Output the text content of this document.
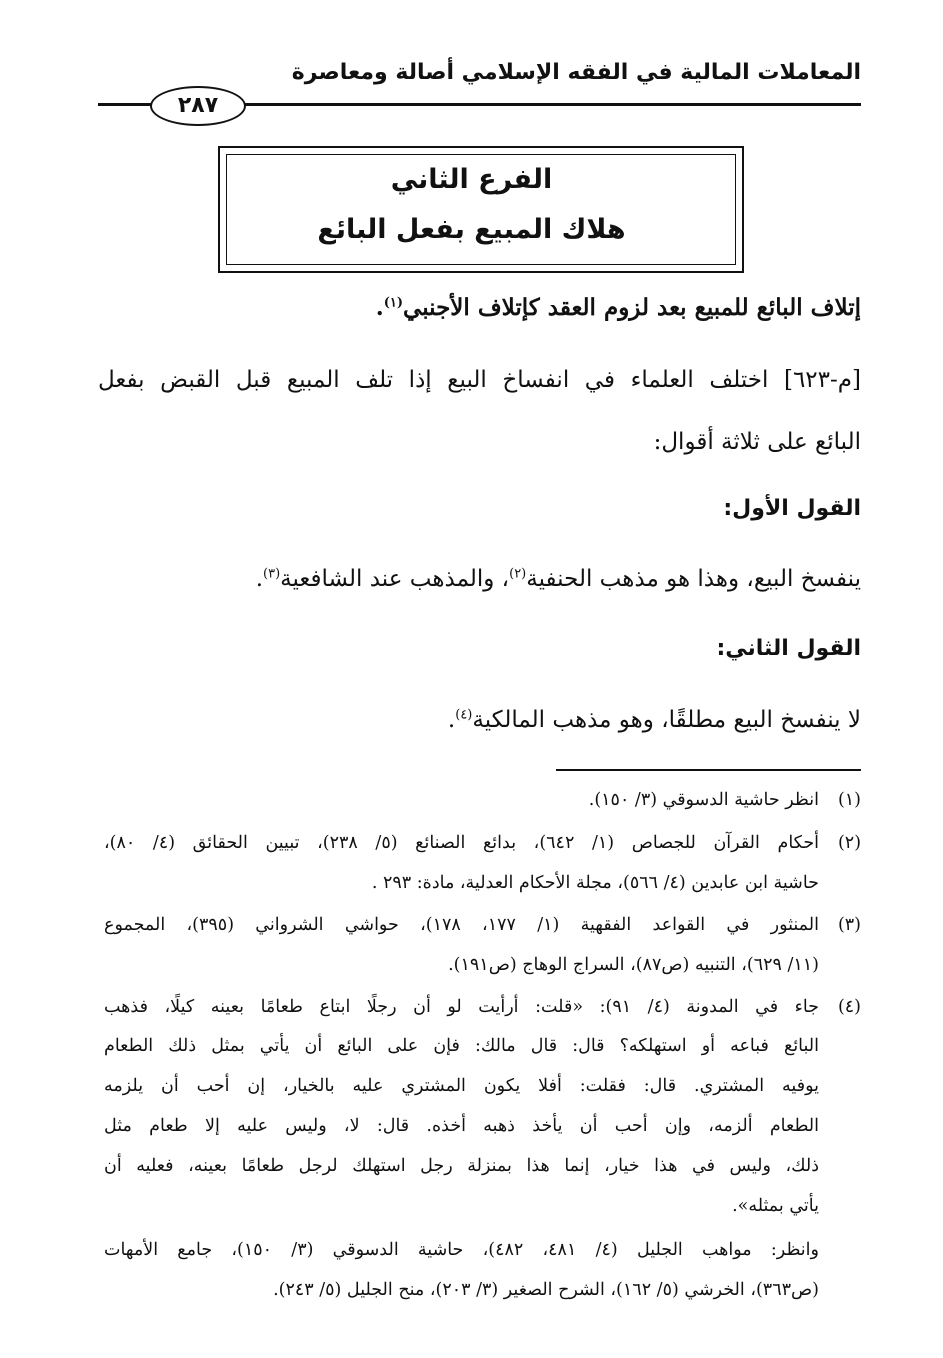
المعاملات المالية في الفقه الإسلامي أصالة ومعاصرة
٢٨٧
الفرع الثاني
هلاك المبيع بفعل البائع
إتلاف البائع للمبيع بعد لزوم العقد كإتلاف الأجنبي$^{(١)}$.
[م-٦٢٣] اختلف العلماء في انفساخ البيع إذا تلف المبيع قبل القبض بفعل
البائع على ثلاثة أقوال:
القول الأول:
ينفسخ البيع، وهذا هو مذهب الحنفية$^{(٢)}$، والمذهب عند الشافعية$^{(٣)}$.
القول الثاني:
لا ينفسخ البيع مطلقًا، وهو مذهب المالكية$^{(٤)}$.
(١)انظر حاشية الدسوقي (٣/ ١٥٠).
(٢)أحكام القرآن للجصاص (١/ ٦٤٢)، بدائع الصنائع (٥/ ٢٣٨)، تبيين الحقائق (٤/ ٨٠)،
حاشية ابن عابدين (٤/ ٥٦٦)، مجلة الأحكام العدلية، مادة: ٢٩٣ .
(٣)المنثور في القواعد الفقهية (١/ ١٧٧، ١٧٨)، حواشي الشرواني (٣٩٥)، المجموع
(١١/ ٦٢٩)، التنبيه (ص٨٧)، السراج الوهاج (ص١٩١).
(٤)جاء في المدونة (٤/ ٩١): «قلت: أرأيت لو أن رجلًا ابتاع طعامًا بعينه كيلًا، فذهب
البائع فباعه أو استهلكه؟ قال: قال مالك: فإن على البائع أن يأتي بمثل ذلك الطعام
يوفيه المشتري. قال: فقلت: أفلا يكون المشتري عليه بالخيار، إن أحب أن يلزمه
الطعام ألزمه، وإن أحب أن يأخذ ذهبه أخذه. قال: لا، وليس عليه إلا طعام مثل
ذلك، وليس في هذا خيار، إنما هذا بمنزلة رجل استهلك لرجل طعامًا بعينه، فعليه أن
يأتي بمثله».
وانظر: مواهب الجليل (٤/ ٤٨١، ٤٨٢)، حاشية الدسوقي (٣/ ١٥٠)، جامع الأمهات
(ص٣٦٣)، الخرشي (٥/ ١٦٢)، الشرح الصغير (٣/ ٢٠٣)، منح الجليل (٥/ ٢٤٣).
